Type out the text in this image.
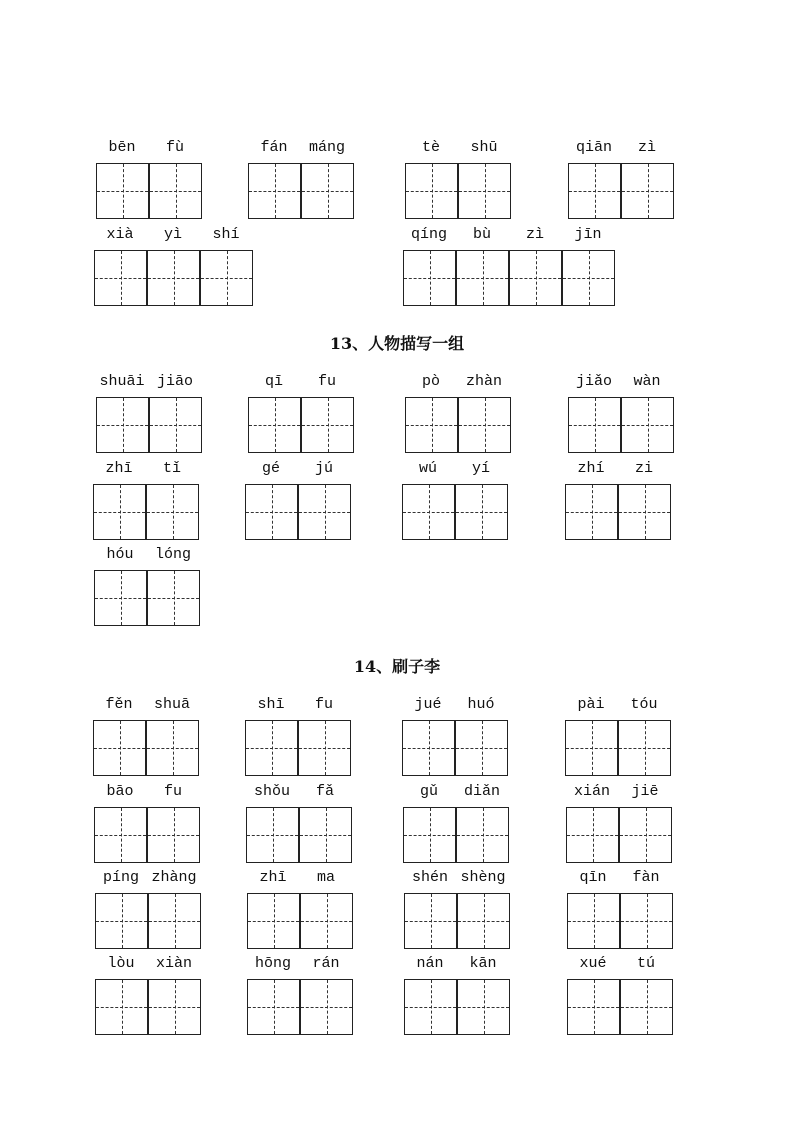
13、人物描写一组
14、刷子李
bēn	fù	fán	máng	tè	shū	qiān	zì
xià	yì	shí	qíng	bù	zì	jīn
shuāi jiāo	qī	fu	pò	zhàn	jiǎo	wàn
zhī	tǐ	gé	jú	wú	yí	zhí	zi
hóu	lóng
fěn	shuā	shī	fu	jué	huó	pài	tóu
bāo	fu	shǒu	fǎ	gǔ	diǎn	xián	jiē
píng zhàng	zhī	ma	shén shèng	qīn	fàn
lòu	xiàn	hōng	rán	nán	kān	xué	tú
